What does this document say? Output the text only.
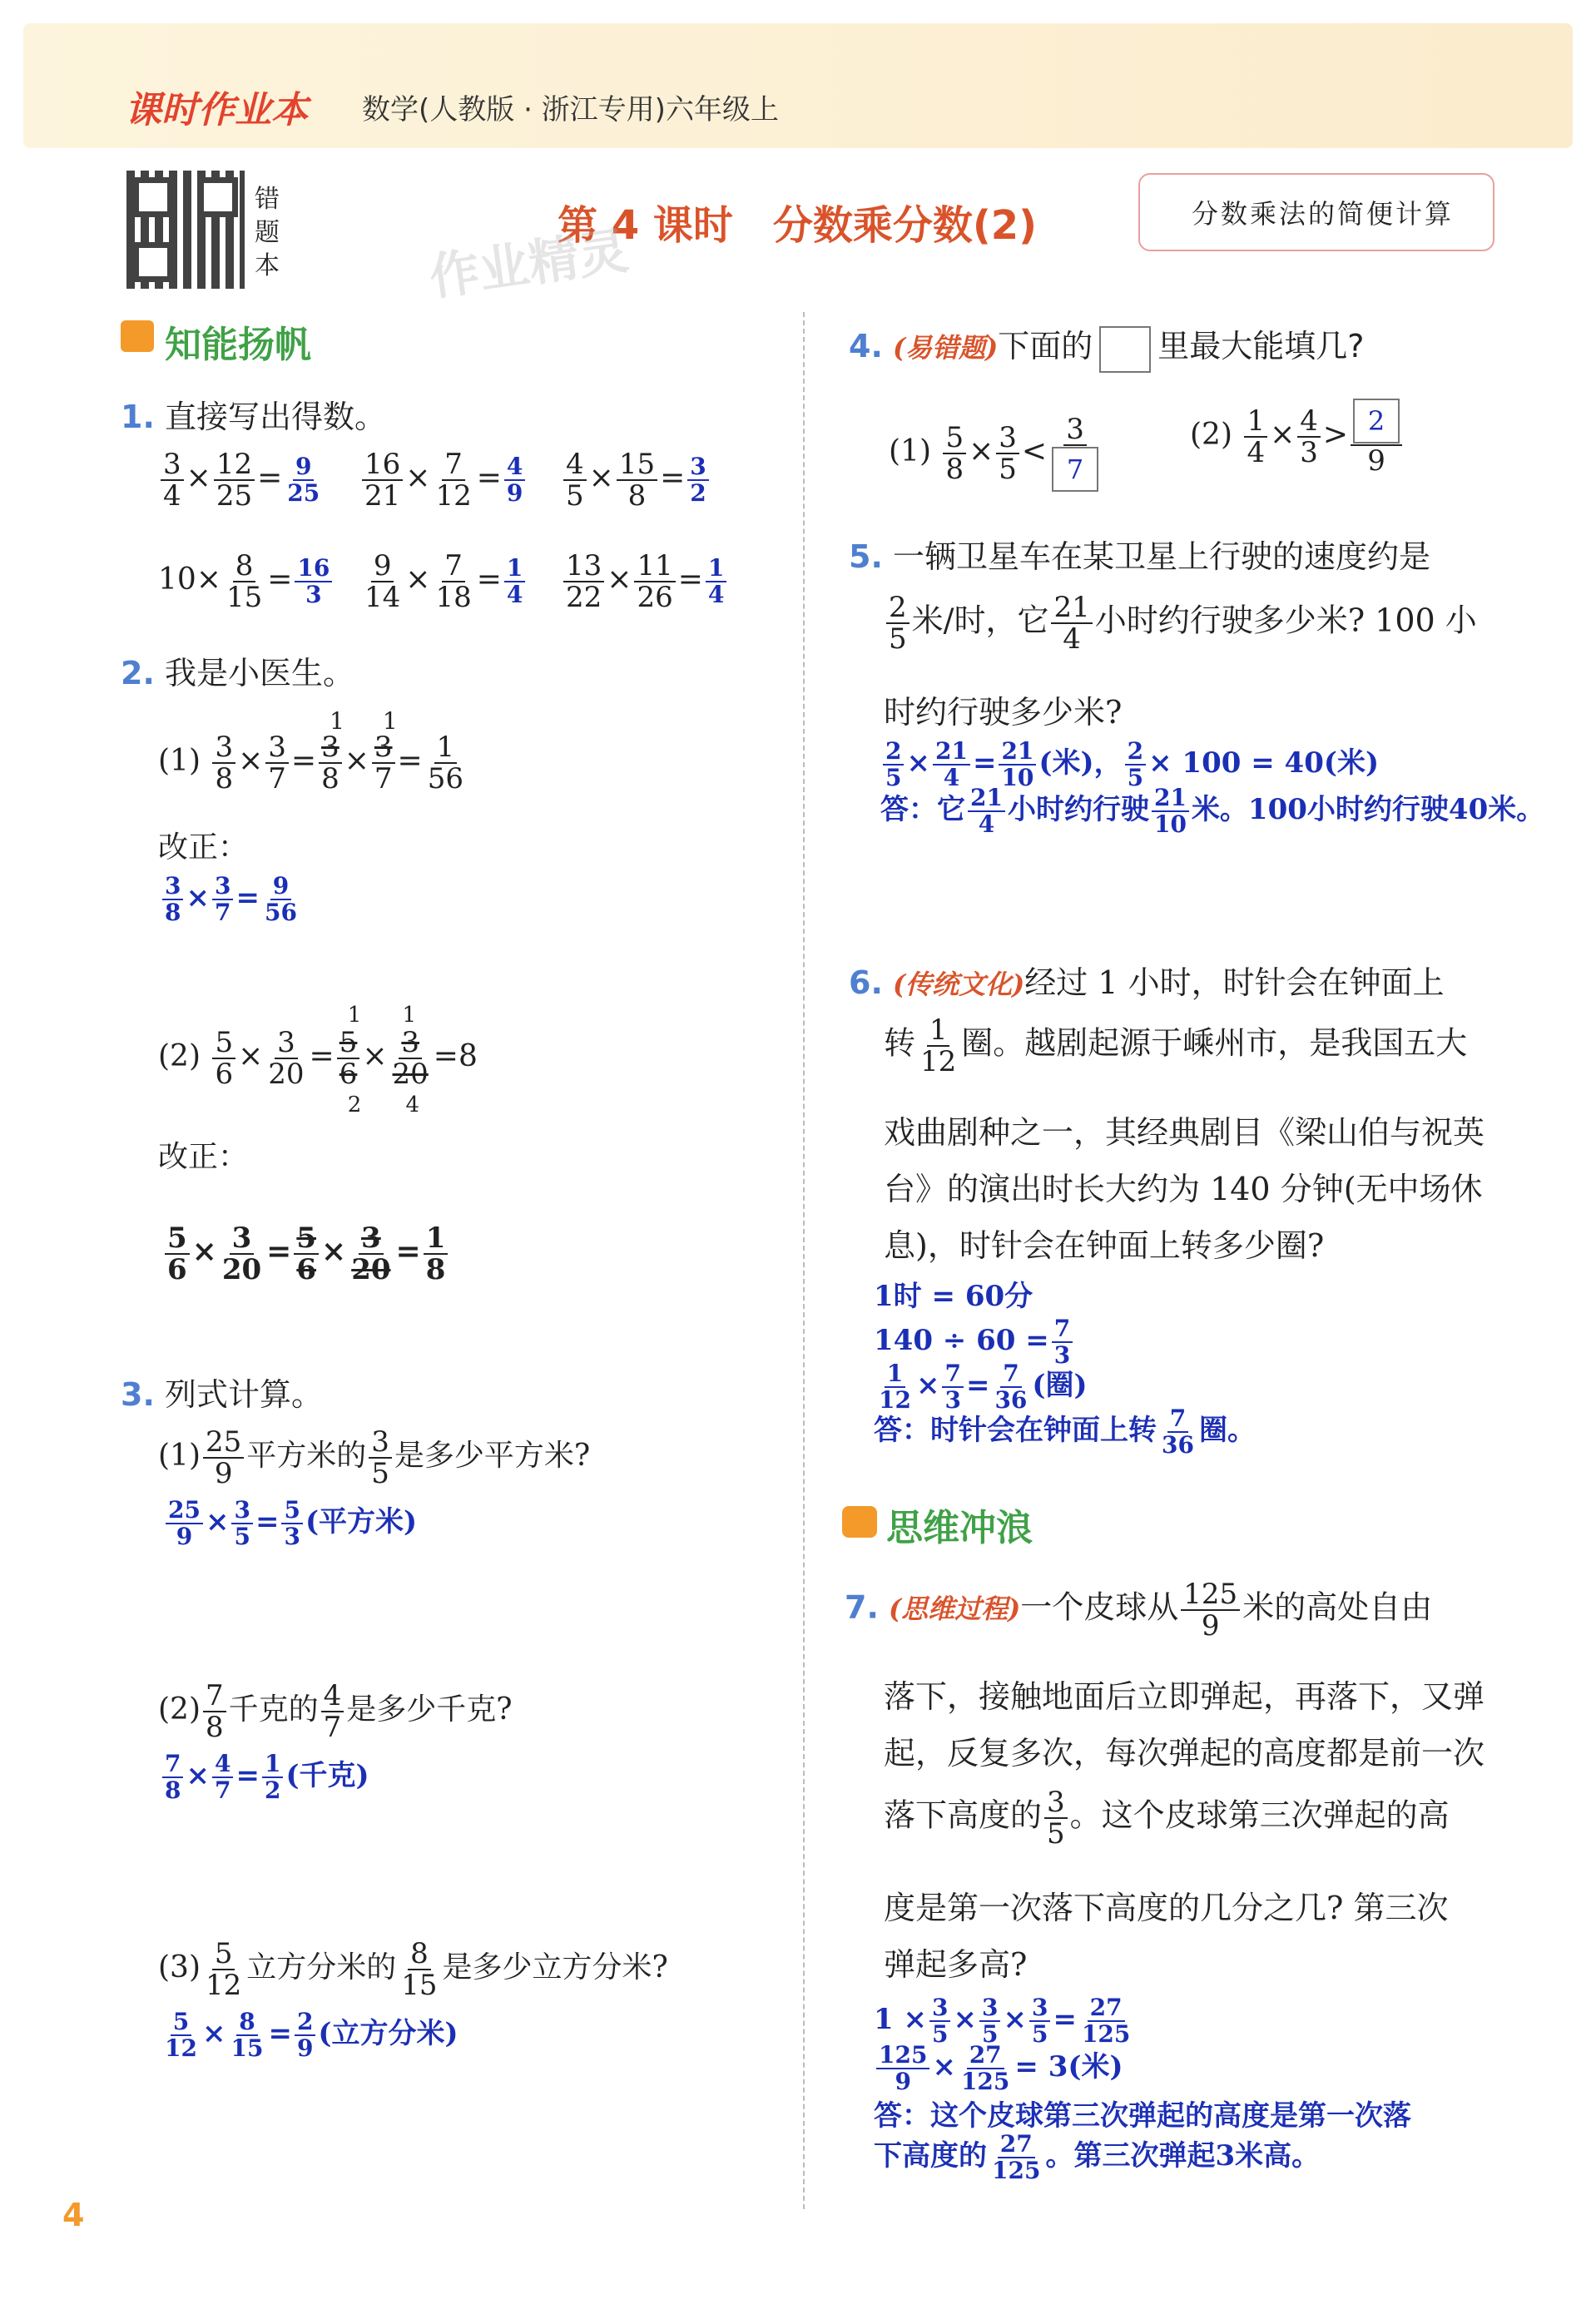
课时作业本 数学(人教版 · 浙江专用)六年级上
错
题
本
第 4 课时　分数乘分数(2)
作业精灵
分数乘法的简便计算
知能扬帆
1. 直接写出得数。
$\frac{3}{4} \times \frac{12}{25} = \frac{9}{25} \frac{16}{21} \times \frac{7}{12} = \frac{4}{9} \frac{4}{5} \times \frac{15}{8} = \frac{3}{2}$
$10\times \frac{8}{15} = \frac{16}{3} \frac{9}{14} \times \frac{7}{18} = \frac{1}{4} \frac{13}{22} \times \frac{11}{26} = \frac{1}{4}$
2. 我是小医生。
$(1) \frac{3}{8} \times \frac{3}{7}$ =
1
$\frac{3}{8}$ ×
1
$\frac{3}{7} = \frac{1}{56}$
改正：
$\frac{3}{8} \times \frac{3}{7} = \frac{9}{56}$
$(2) \frac{5}{6} \times \frac{3}{20}$ =
1
2
$\frac{5}{6}$ ×
1
4
$\frac{3}{20} =8$
改正：
$\frac{5}{6} \times \frac{3}{20} = \frac{5}{6} \times \frac{3}{20} = \frac{1}{8}$
3. 列式计算。
$(1) \frac{25}{9}$ 平方米的 $\frac{3}{5}$ 是多少平方米?
$\frac{25}{9} \times \frac{3}{5} = \frac{5}{3}$ (平方米)
$(2) \frac{7}{8}$ 千克的 $\frac{4}{7}$ 是多少千克?
$\frac{7}{8} \times \frac{4}{7} = \frac{1}{2}$ (千克)
$(3) \frac{5}{12}$ 立方分米的 $\frac{8}{15}$ 是多少立方分米?
$\frac{5}{12} \times \frac{8}{15} = \frac{2}{9}$ (立方分米)
4
4. (易错题)下面的 里最大能填几?
$(1) \frac{5}{8} \times \frac{3}{5} < \frac{3}{7}$	$(2) \frac{1}{4} \times \frac{4}{3} > \frac{2}{9}$
5. 一辆卫星车在某卫星上行驶的速度约是
$\frac{2}{5}$ 米/时，它 $\frac{21}{4}$ 小时约行驶多少米? 100 小
时约行驶多少米?
$\frac{2}{5} \times \frac{21}{4} = \frac{21}{10}$ (米)， $\frac{2}{5} \times 100 = 40$(米)
答：它 $\frac{21}{4}$ 小时约行驶 $\frac{21}{10}$ 米。100小时约行驶40米。
6. (传统文化)经过 1 小时，时针会在钟面上
转 $\frac{1}{12}$ 圈。越剧起源于嵊州市，是我国五大
戏曲剧种之一，其经典剧目《梁山伯与祝英
台》的演出时长大约为 140 分钟(无中场休
息)，时针会在钟面上转多少圈?
1时 = 60分
$140 \div 60 = \frac{7}{3}$
$\frac{1}{12} \times \frac{7}{3} = \frac{7}{36}$ (圈)
答：时针会在钟面上转 $\frac{7}{36}$ 圈。
思维冲浪
7. (思维过程)一个皮球从 $\frac{125}{9}$ 米的高处自由
落下，接触地面后立即弹起，再落下，又弹
起，反复多次，每次弹起的高度都是前一次
落下高度的 $\frac{3}{5}$ 。这个皮球第三次弹起的高
度是第一次落下高度的几分之几? 第三次
弹起多高?
$1 \times \frac{3}{5} \times \frac{3}{5} \times \frac{3}{5} = \frac{27}{125}$
$\frac{125}{9} \times \frac{27}{125} = 3$(米)
答：这个皮球第三次弹起的高度是第一次落
下高度的 $\frac{27}{125}$ 。第三次弹起3米高。
